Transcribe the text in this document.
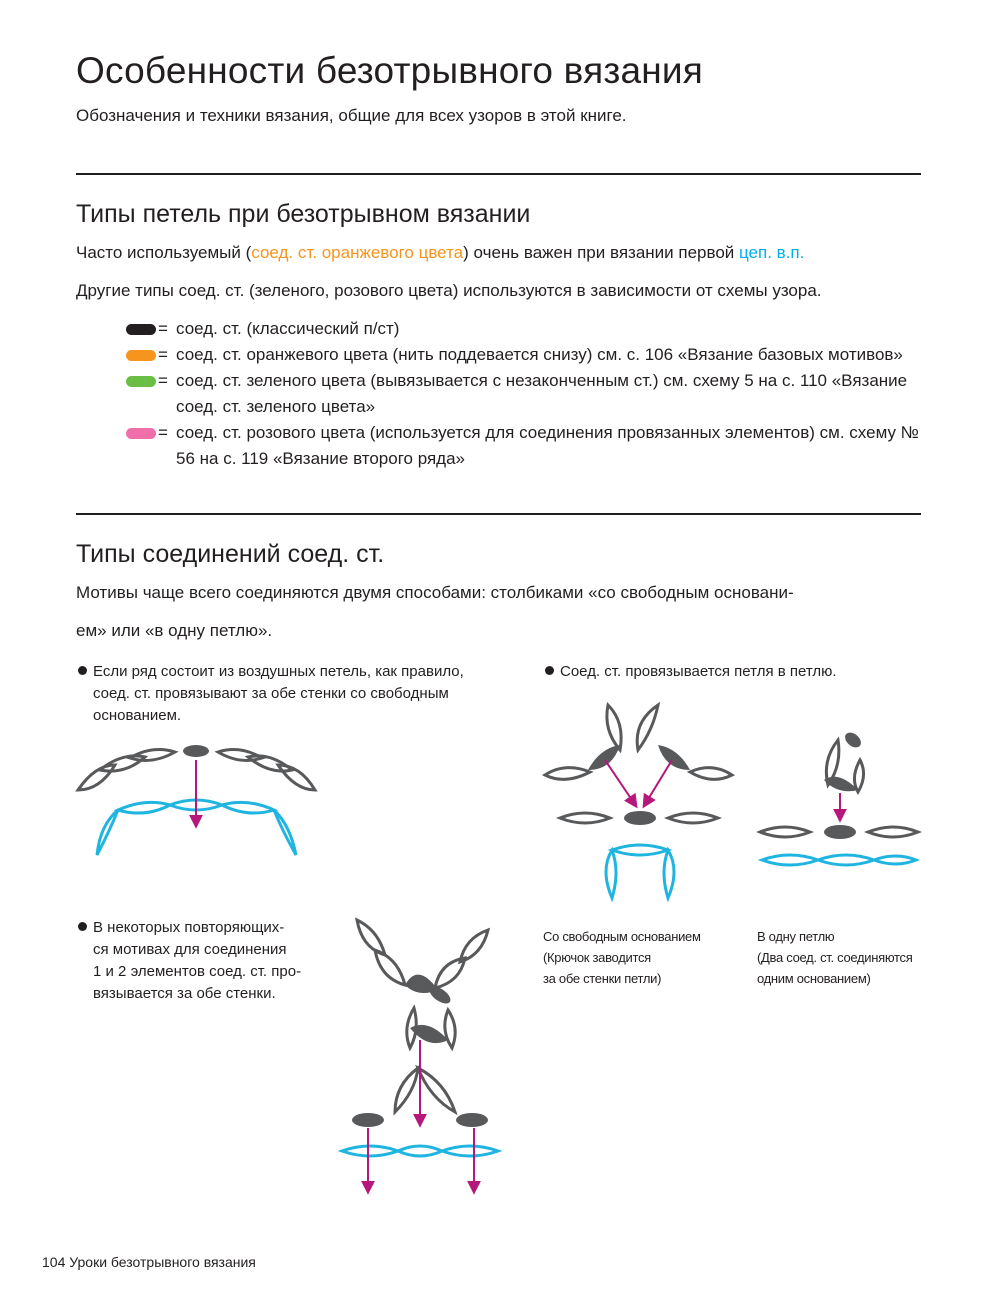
Особенности безотрывного вязания
Обозначения и техники вязания, общие для всех узоров в этой книге.
Типы петель при безотрывном вязании
Часто используемый (соед. ст. оранжевого цвета) очень важен при вязании первой цеп. в.п.
Другие типы соед. ст. (зеленого, розового цвета) используются в зависимости от схемы узора.
= соед. ст. (классический п/ст)
= соед. ст. оранжевого цвета (нить поддевается снизу) см. с. 106 «Вязание базовых мотивов»
= соед. ст. зеленого цвета (вывязывается с незаконченным ст.) см. схему 5 на с. 110 «Вязание соед. ст. зеленого цвета»
= соед. ст. розового цвета (используется для соединения провязанных элементов) см. схему № 56 на с. 119 «Вязание второго ряда»
Типы соединений соед. ст.
Мотивы чаще всего соединяются двумя способами: столбиками «со свободным основани-
ем» или «в одну петлю».
Если ряд состоит из воздушных петель, как правило,
соед. ст. провязывают за обе стенки со свободным
основанием.
Соед. ст. провязывается петля в петлю.
В некоторых повторяющих-
ся мотивах для соединения
1 и 2 элементов соед. ст. про-
вязывается за обе стенки.
Со свободным основанием
(Крючок заводится
за обе стенки петли)
В одну петлю
(Два соед. ст. соединяются
одним основанием)
104 Уроки безотрывного вязания
